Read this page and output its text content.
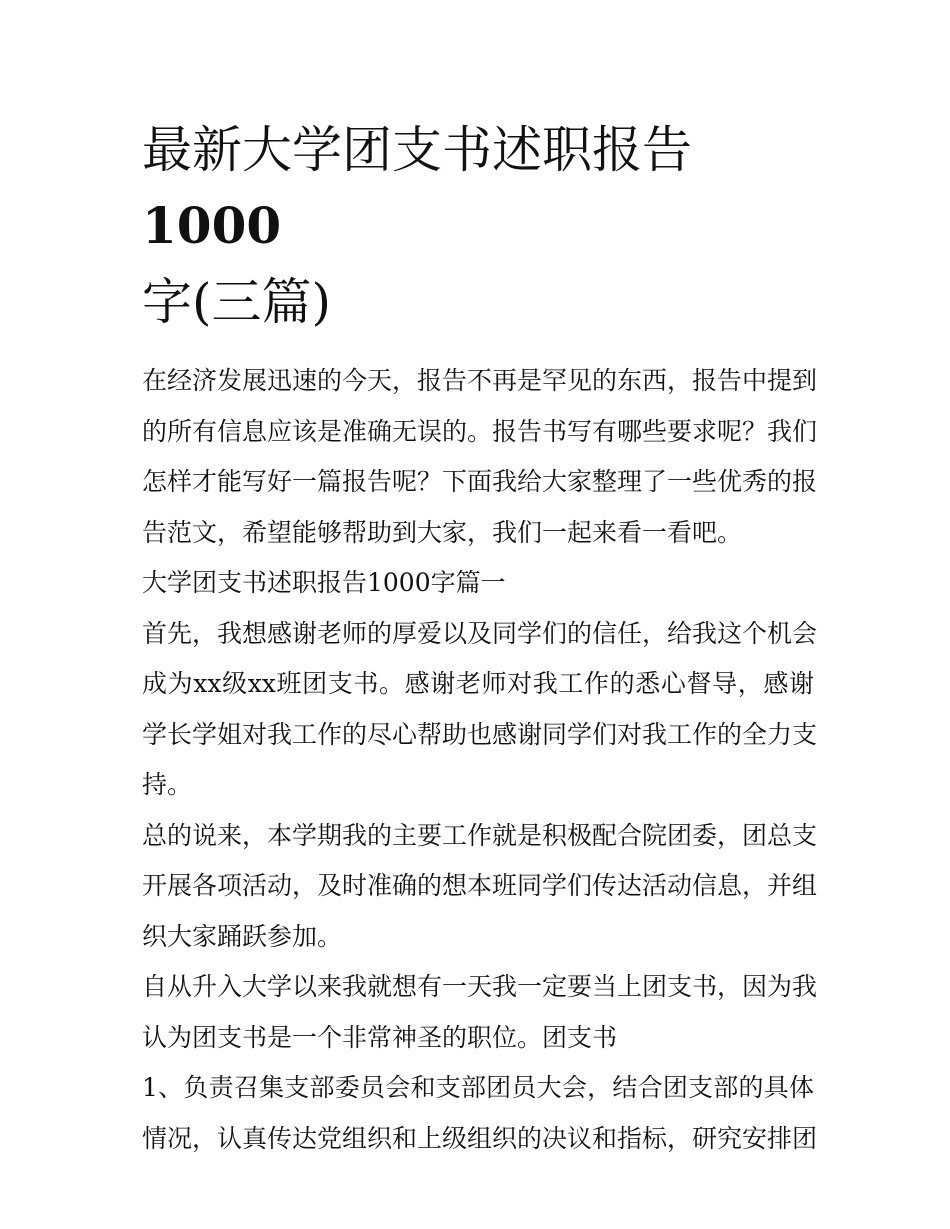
最新大学团支书述职报告1000
字(三篇)

在经济发展迅速的今天，报告不再是罕见的东西，报告中提到
的所有信息应该是准确无误的。报告书写有哪些要求呢？我们
怎样才能写好一篇报告呢？下面我给大家整理了一些优秀的报
告范文，希望能够帮助到大家，我们一起来看一看吧。

大学团支书述职报告1000字篇一

首先，我想感谢老师的厚爱以及同学们的信任，给我这个机会
成为xx级xx班团支书。感谢老师对我工作的悉心督导，感谢
学长学姐对我工作的尽心帮助也感谢同学们对我工作的全力支
持。

总的说来，本学期我的主要工作就是积极配合院团委，团总支
开展各项活动，及时准确的想本班同学们传达活动信息，并组
织大家踊跃参加。

自从升入大学以来我就想有一天我一定要当上团支书，因为我
认为团支书是一个非常神圣的职位。团支书

1、负责召集支部委员会和支部团员大会，结合团支部的具体
情况，认真传达党组织和上级组织的决议和指标，研究安排团
